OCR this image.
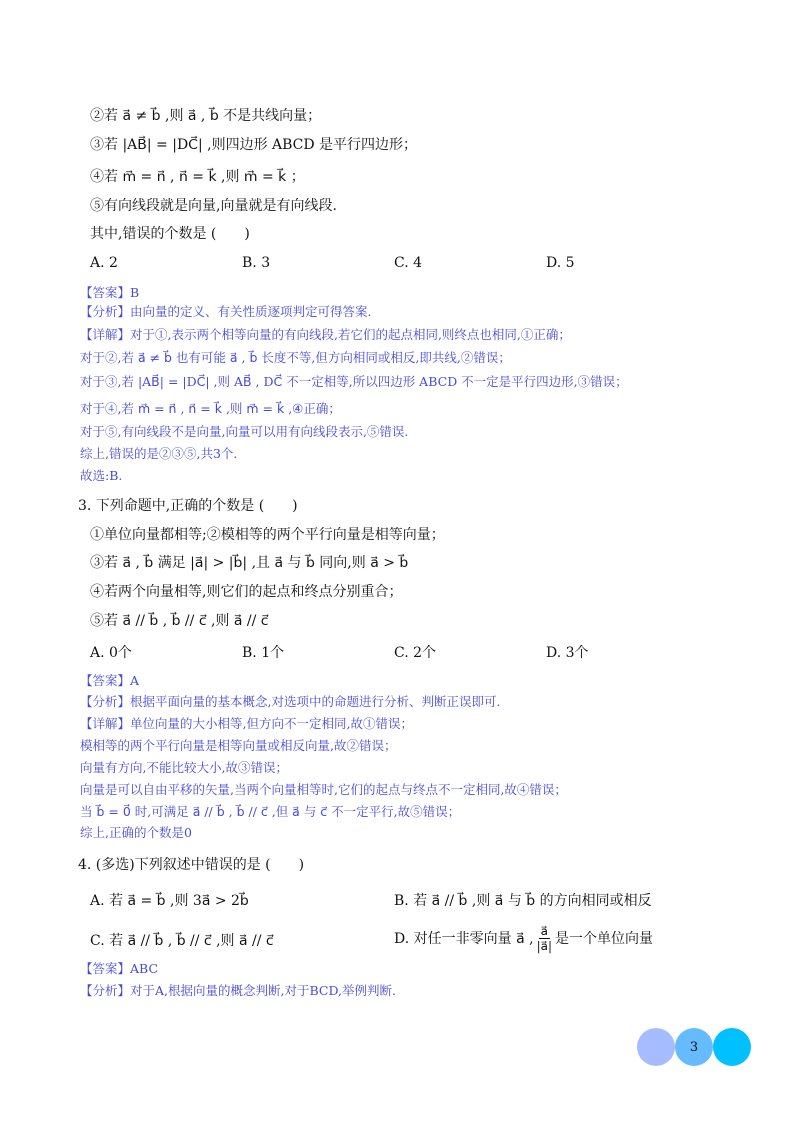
②若 a⃗ ≠ b⃗ ,则 a⃗ , b⃗ 不是共线向量；
③若 |AB⃗| = |DC⃗| ,则四边形 ABCD 是平行四边形；
④若 m⃗ = n⃗ , n⃗ = k⃗ ,则 m⃗ = k⃗ ；
⑤有向线段就是向量,向量就是有向线段.
其中,错误的个数是 (　　)
A. 2	B. 3	C. 4	D. 5
【答案】B
【分析】由向量的定义、有关性质逐项判定可得答案.
【详解】对于①,表示两个相等向量的有向线段,若它们的起点相同,则终点也相同,①正确；
对于②,若 a⃗ ≠ b⃗ 也有可能 a⃗ , b⃗ 长度不等,但方向相同或相反,即共线,②错误；
对于③,若 |AB⃗| = |DC⃗| ,则 AB⃗ , DC⃗ 不一定相等,所以四边形 ABCD 不一定是平行四边形,③错误；
对于④,若 m⃗ = n⃗ , n⃗ = k⃗ ,则 m⃗ = k⃗ ,④正确；
对于⑤,有向线段不是向量,向量可以用有向线段表示,⑤错误.
综上,错误的是②③⑤,共3个.
故选:B.
3. 下列命题中,正确的个数是 (　　)
①单位向量都相等;②模相等的两个平行向量是相等向量；
③若 a⃗ , b⃗ 满足 |a⃗| > |b⃗| ,且 a⃗ 与 b⃗ 同向,则 a⃗ > b⃗
④若两个向量相等,则它们的起点和终点分别重合；
⑤若 a⃗ // b⃗ , b⃗ // c⃗ ,则 a⃗ // c⃗
A. 0个	B. 1个	C. 2个	D. 3个
【答案】A
【分析】根据平面向量的基本概念,对选项中的命题进行分析、判断正误即可.
【详解】单位向量的大小相等,但方向不一定相同,故①错误；
模相等的两个平行向量是相等向量或相反向量,故②错误；
向量有方向,不能比较大小,故③错误；
向量是可以自由平移的矢量,当两个向量相等时,它们的起点与终点不一定相同,故④错误；
当 b⃗ = 0⃗ 时,可满足 a⃗ // b⃗ , b⃗ // c⃗ ,但 a⃗ 与 c⃗ 不一定平行,故⑤错误；
综上,正确的个数是0
4. (多选)下列叙述中错误的是 (　　)
A. 若 a⃗ = b⃗ ,则 3a⃗ > 2b⃗	B. 若 a⃗ // b⃗ ,则 a⃗ 与 b⃗ 的方向相同或相反
C. 若 a⃗ // b⃗ , b⃗ // c⃗ ,则 a⃗ // c⃗	D. 对任一非零向量 a⃗ , $\frac{a⃗}{|a⃗|}$ 是一个单位向量
【答案】ABC
【分析】对于A,根据向量的概念判断,对于BCD,举例判断.
3
